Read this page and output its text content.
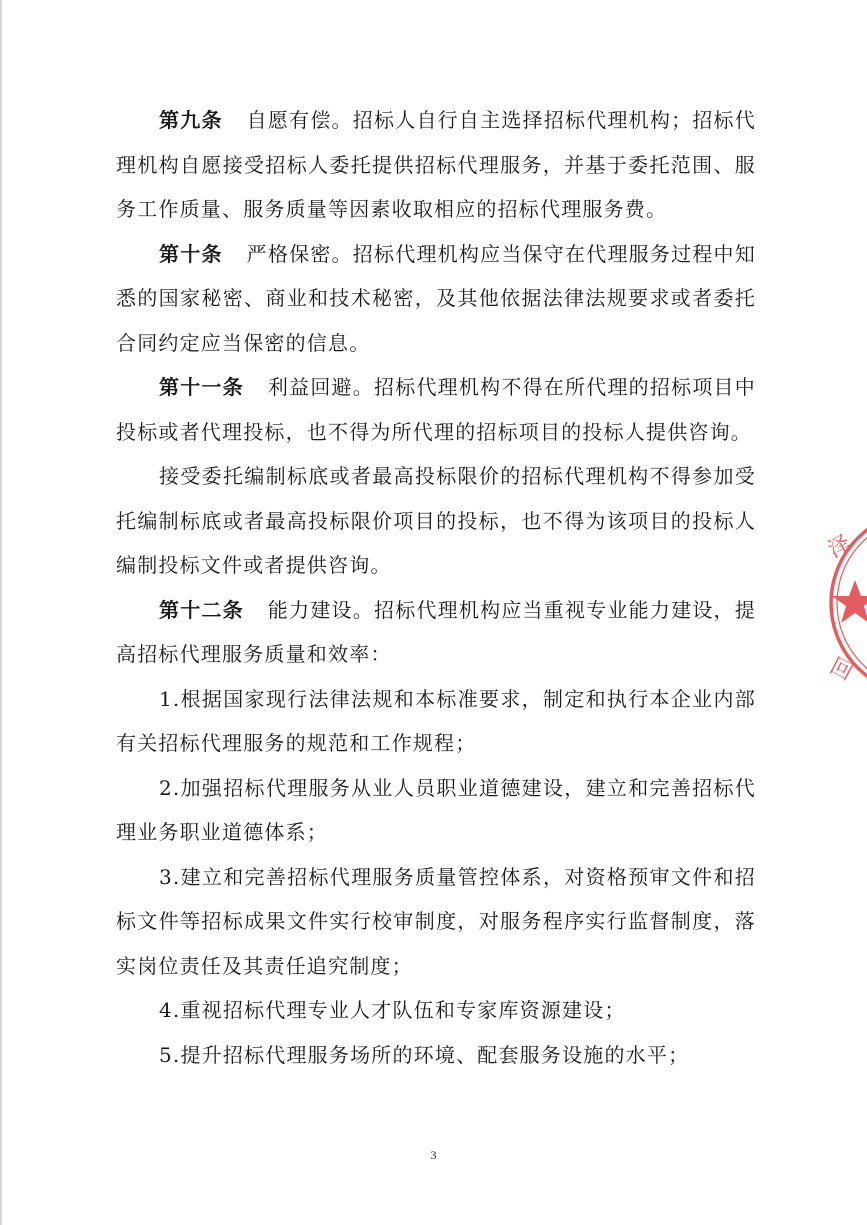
第九条 自愿有偿。招标人自行自主选择招标代理机构；招标代理机构自愿接受招标人委托提供招标代理服务，并基于委托范围、服务工作质量、服务质量等因素收取相应的招标代理服务费。

第十条 严格保密。招标代理机构应当保守在代理服务过程中知悉的国家秘密、商业和技术秘密，及其他依据法律法规要求或者委托合同约定应当保密的信息。

第十一条 利益回避。招标代理机构不得在所代理的招标项目中投标或者代理投标，也不得为所代理的招标项目的投标人提供咨询。

接受委托编制标底或者最高投标限价的招标代理机构不得参加受托编制标底或者最高投标限价项目的投标，也不得为该项目的投标人编制投标文件或者提供咨询。

第十二条 能力建设。招标代理机构应当重视专业能力建设，提高招标代理服务质量和效率：

1.根据国家现行法律法规和本标准要求，制定和执行本企业内部有关招标代理服务的规范和工作规程；

2.加强招标代理服务从业人员职业道德建设，建立和完善招标代理业务职业道德体系；

3.建立和完善招标代理服务质量管控体系，对资格预审文件和招标文件等招标成果文件实行校审制度，对服务程序实行监督制度，落实岗位责任及其责任追究制度；

4.重视招标代理专业人才队伍和专家库资源建设；

5.提升招标代理服务场所的环境、配套服务设施的水平；

泽
回
3
